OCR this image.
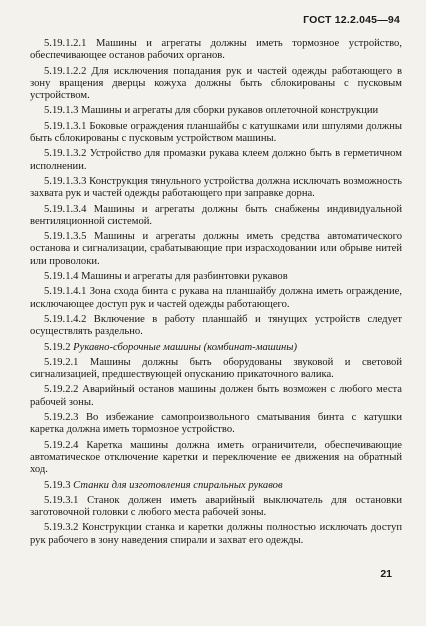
ГОСТ 12.2.045—94

5.19.1.2.1 Машины и агрегаты должны иметь тормозное устройство, обеспечивающее останов рабочих органов.

5.19.1.2.2 Для исключения попадания рук и частей одежды работающего в зону вращения дверцы кожуха должны быть сблокированы с пусковым устройством.

5.19.1.3 Машины и агрегаты для сборки рукавов оплеточной конструкции

5.19.1.3.1 Боковые ограждения планшайбы с катушками или шпулями должны быть сблокированы с пусковым устройством машины.

5.19.1.3.2 Устройство для промазки рукава клеем должно быть в герметичном исполнении.

5.19.1.3.3 Конструкция тянульного устройства должна исключать возможность захвата рук и частей одежды работающего при заправке дорна.

5.19.1.3.4 Машины и агрегаты должны быть снабжены индивидуальной вентиляционной системой.

5.19.1.3.5 Машины и агрегаты должны иметь средства автоматического останова и сигнализации, срабатывающие при израсходовании или обрыве нитей или проволоки.

5.19.1.4 Машины и агрегаты для разбинтовки рукавов

5.19.1.4.1 Зона схода бинта с рукава на планшайбу должна иметь ограждение, исключающее доступ рук и частей одежды работающего.

5.19.1.4.2 Включение в работу планшайб и тянущих устройств следует осуществлять раздельно.

5.19.2 Рукавно-сборочные машины (комбинат-машины)

5.19.2.1 Машины должны быть оборудованы звуковой и световой сигнализацией, предшествующей опусканию прикаточного валика.

5.19.2.2 Аварийный останов машины должен быть возможен с любого места рабочей зоны.

5.19.2.3 Во избежание самопроизвольного сматывания бинта с катушки каретка должна иметь тормозное устройство.

5.19.2.4 Каретка машины должна иметь ограничители, обеспечивающие автоматическое отключение каретки и переключение ее движения на обратный ход.

5.19.3 Станки для изготовления спиральных рукавов

5.19.3.1 Станок должен иметь аварийный выключатель для остановки заготовочной головки с любого места рабочей зоны.

5.19.3.2 Конструкции станка и каретки должны полностью исключать доступ рук рабочего в зону наведения спирали и захват его одежды.

21
